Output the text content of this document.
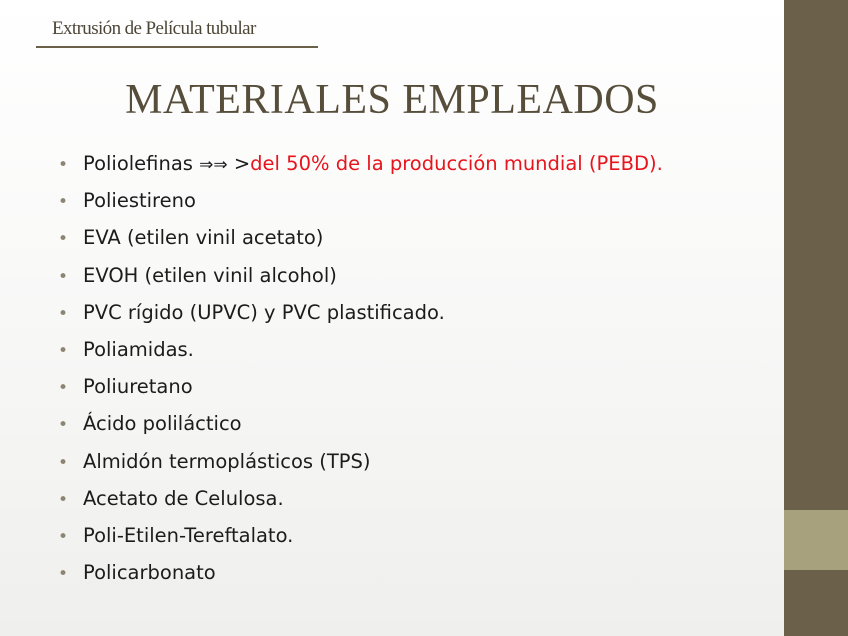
Extrusión de Película tubular
MATERIALES EMPLEADOS
• Poliolefinas ⇒⇒ >del 50% de la producción mundial (PEBD).
• Poliestireno
• EVA (etilen vinil acetato)
• EVOH (etilen vinil alcohol)
• PVC rígido (UPVC) y PVC plastificado.
• Poliamidas.
• Poliuretano
• Ácido poliláctico
• Almidón termoplásticos (TPS)
• Acetato de Celulosa.
• Poli-Etilen-Tereftalato.
• Policarbonato
